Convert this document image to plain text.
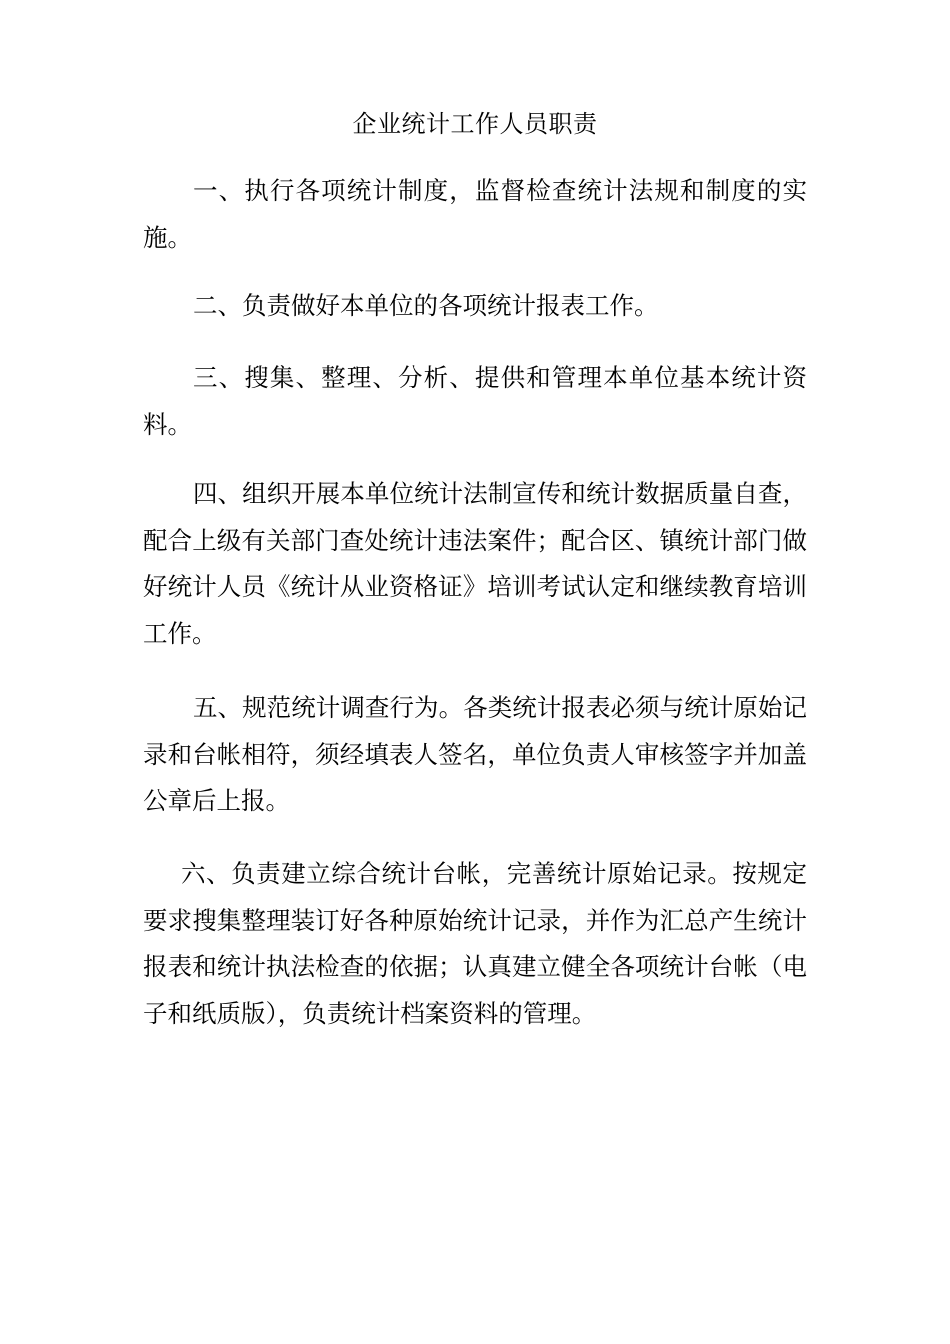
企业统计工作人员职责

一、执行各项统计制度，监督检查统计法规和制度的实施。

二、负责做好本单位的各项统计报表工作。

三、搜集、整理、分析、提供和管理本单位基本统计资料。

四、组织开展本单位统计法制宣传和统计数据质量自查，配合上级有关部门查处统计违法案件；配合区、镇统计部门做好统计人员《统计从业资格证》培训考试认定和继续教育培训工作。

五、规范统计调查行为。各类统计报表必须与统计原始记录和台帐相符，须经填表人签名，单位负责人审核签字并加盖公章后上报。

六、负责建立综合统计台帐，完善统计原始记录。按规定要求搜集整理装订好各种原始统计记录，并作为汇总产生统计报表和统计执法检查的依据；认真建立健全各项统计台帐（电子和纸质版），负责统计档案资料的管理。
